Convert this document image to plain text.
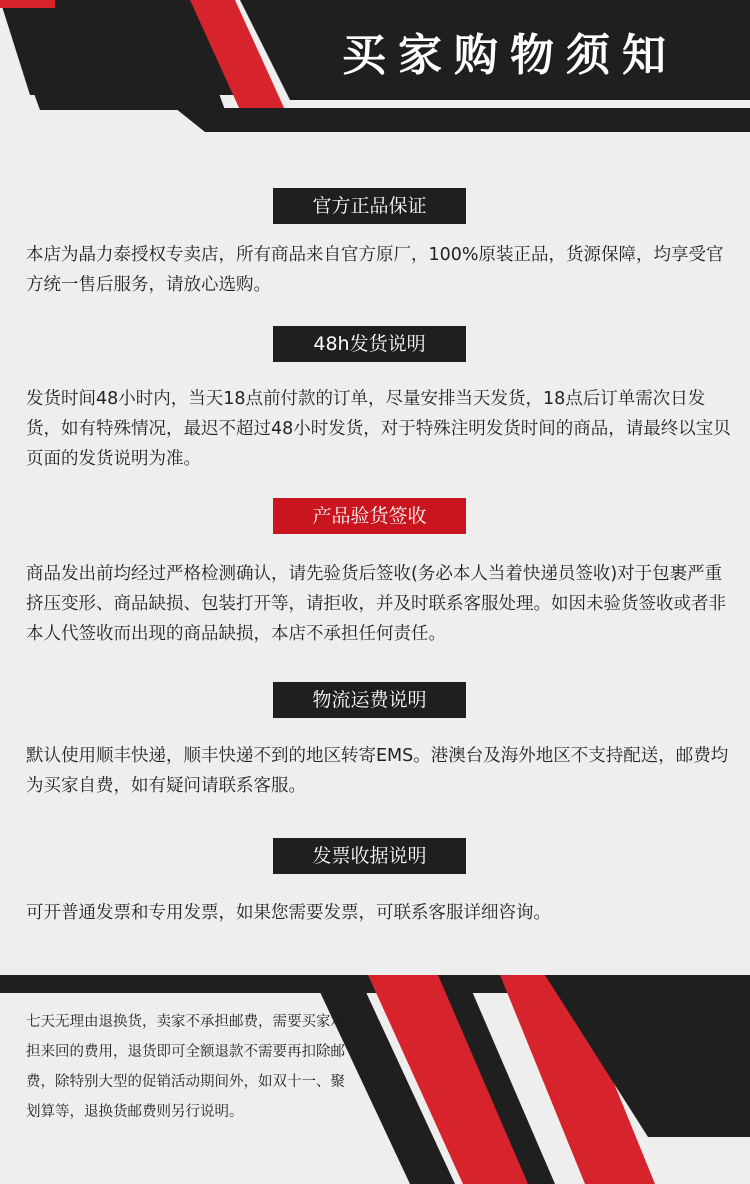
买家购物须知
官方正品保证

本店为晶力泰授权专卖店，所有商品来自官方原厂，100%原装正品，货源保障，均享受官方统一售后服务，请放心选购。

48h发货说明

发货时间48小时内，当天18点前付款的订单，尽量安排当天发货，18点后订单需次日发货，如有特殊情况，最迟不超过48小时发货，对于特殊注明发货时间的商品，请最终以宝贝页面的发货说明为准。

产品验货签收

商品发出前均经过严格检测确认，请先验货后签收(务必本人当着快递员签收)对于包裹严重挤压变形、商品缺损、包装打开等，请拒收，并及时联系客服处理。如因未验货签收或者非本人代签收而出现的商品缺损，本店不承担任何责任。

物流运费说明

默认使用顺丰快递，顺丰快递不到的地区转寄EMS。港澳台及海外地区不支持配送，邮费均为买家自费，如有疑问请联系客服。

发票收据说明

可开普通发票和专用发票，如果您需要发票，可联系客服详细咨询。

七天无理由退换货，卖家不承担邮费，需要买家承担来回的费用，退货即可全额退款不需要再扣除邮费，除特别大型的促销活动期间外，如双十一、聚划算等，退换货邮费则另行说明。
